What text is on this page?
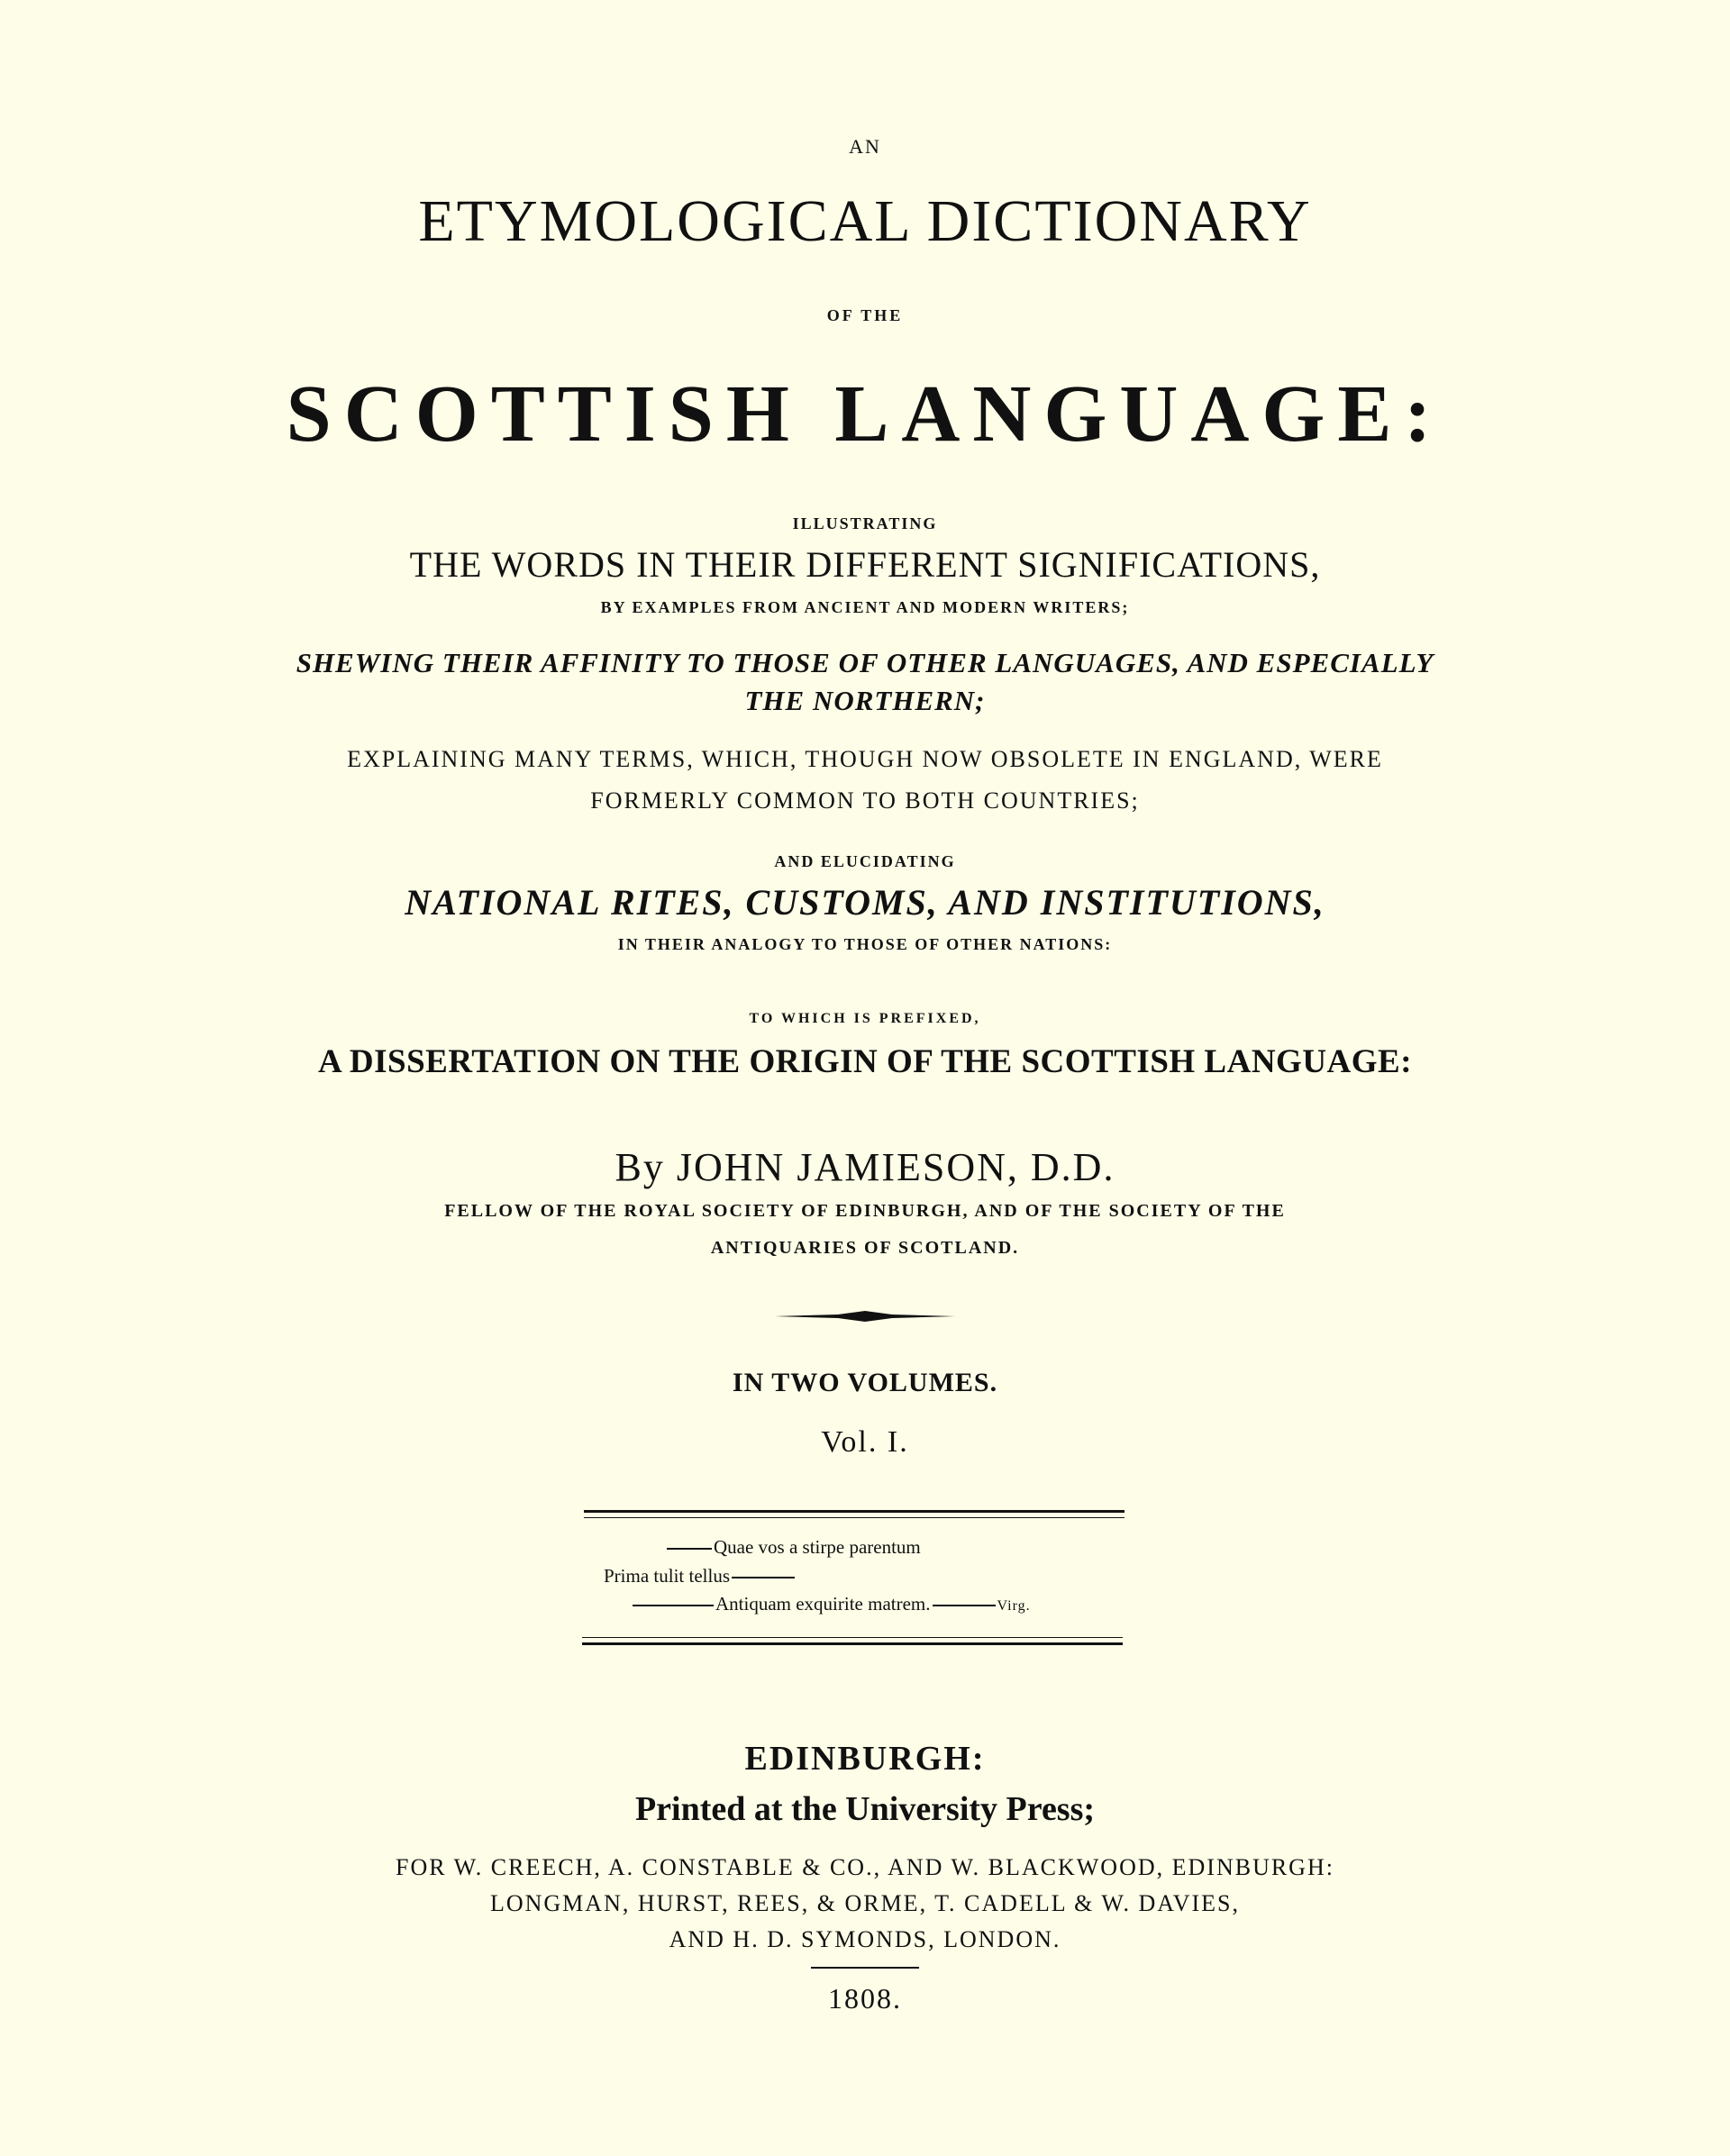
AN

ETYMOLOGICAL DICTIONARY

OF THE

SCOTTISH LANGUAGE:

ILLUSTRATING

THE WORDS IN THEIR DIFFERENT SIGNIFICATIONS,

BY EXAMPLES FROM ANCIENT AND MODERN WRITERS;

SHEWING THEIR AFFINITY TO THOSE OF OTHER LANGUAGES, AND ESPECIALLY

THE NORTHERN;

EXPLAINING MANY TERMS, WHICH, THOUGH NOW OBSOLETE IN ENGLAND, WERE

FORMERLY COMMON TO BOTH COUNTRIES;

AND ELUCIDATING

NATIONAL RITES, CUSTOMS, AND INSTITUTIONS,

IN THEIR ANALOGY TO THOSE OF OTHER NATIONS:

TO WHICH IS PREFIXED,

A DISSERTATION ON THE ORIGIN OF THE SCOTTISH LANGUAGE:

By JOHN JAMIESON, D.D.

FELLOW OF THE ROYAL SOCIETY OF EDINBURGH, AND OF THE SOCIETY OF THE

ANTIQUARIES OF SCOTLAND.

IN TWO VOLUMES.

Vol. I.

Quae vos a stirpe parentum

Prima tulit tellus

Antiquam exquirite matrem.	Virg.

EDINBURGH:

Printed at the University Press;

FOR W. CREECH, A. CONSTABLE & CO., AND W. BLACKWOOD, EDINBURGH:

LONGMAN, HURST, REES, & ORME, T. CADELL & W. DAVIES,

AND H. D. SYMONDS, LONDON.

1808.
